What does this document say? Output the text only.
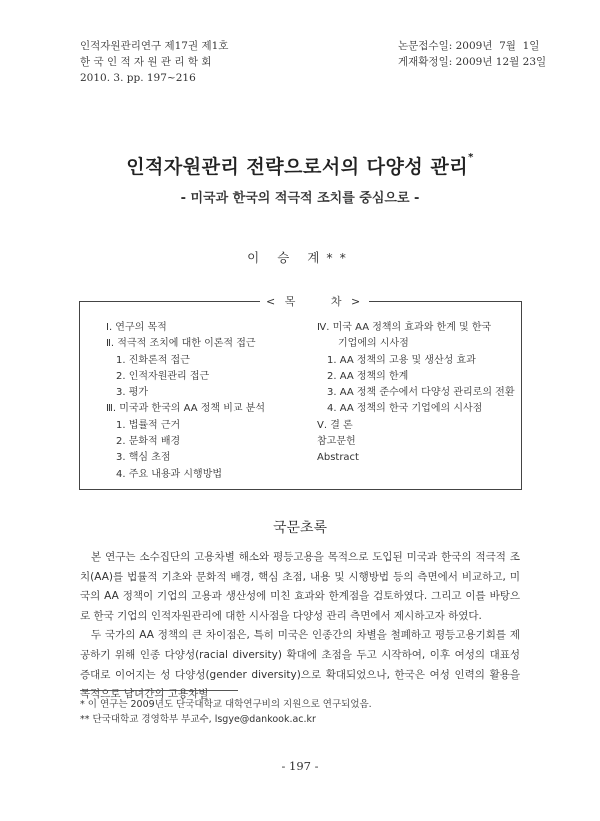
인적자원관리연구 제17권 제1호
한 국 인 적 자 원 관 리 학 회
2010. 3. pp. 197~216
논문접수일: 2009년  7월  1일
게재확정일: 2009년 12월 23일
인적자원관리 전략으로서의 다양성 관리*
- 미국과 한국의 적극적 조치를 중심으로 -
이 승 계**
< 목     차 >
Ⅰ. 연구의 목적
Ⅱ. 적극적 조치에 대한 이론적 접근
1. 진화론적 접근
2. 인적자원관리 접근
3. 평가
Ⅲ. 미국과 한국의 AA 정책 비교 분석
1. 법률적 근거
2. 문화적 배경
3. 핵심 초점
4. 주요 내용과 시행방법
Ⅳ. 미국 AA 정책의 효과와 한계 및 한국
기업에의 시사점
1. AA 정책의 고용 및 생산성 효과
2. AA 정책의 한계
3. AA 정책 준수에서 다양성 관리로의 전환
4. AA 정책의 한국 기업에의 시사점
Ⅴ. 결 론
참고문헌
Abstract
국문초록

본 연구는 소수집단의 고용차별 해소와 평등고용을 목적으로 도입된 미국과 한국의 적극적 조치(AA)를 법률적 기초와 문화적 배경, 핵심 초점, 내용 및 시행방법 등의 측면에서 비교하고, 미국의 AA 정책이 기업의 고용과 생산성에 미친 효과와 한계점을 검토하였다. 그리고 이를 바탕으로 한국 기업의 인적자원관리에 대한 시사점을 다양성 관리 측면에서 제시하고자 하였다.

두 국가의 AA 정책의 큰 차이점은, 특히 미국은 인종간의 차별을 철폐하고 평등고용기회를 제공하기 위해 인종 다양성(racial diversity) 확대에 초점을 두고 시작하여, 이후 여성의 대표성 증대로 이어지는 성 다양성(gender diversity)으로 확대되었으나, 한국은 여성 인력의 활용을 목적으로 남녀간의 고용차별

* 이 연구는 2009년도 단국대학교 대학연구비의 지원으로 연구되었음.
** 단국대학교 경영학부 부교수, lsgye@dankook.ac.kr
- 197 -
